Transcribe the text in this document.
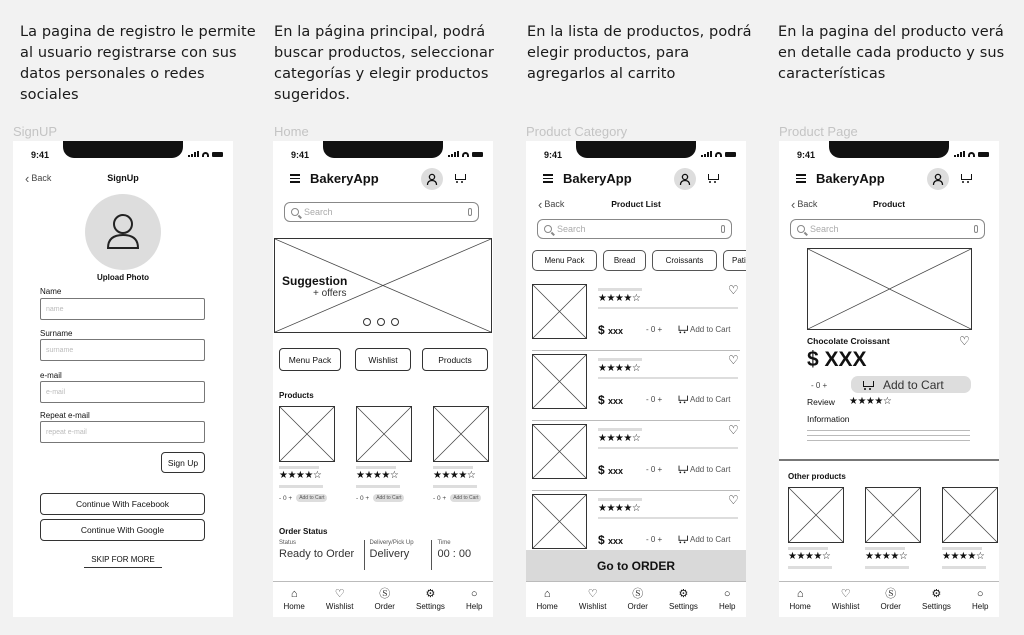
La pagina de registro le permite al usuario registrarse con sus datos personales o redes sociales
En la página principal, podrá buscar productos, seleccionar categorías y elegir productos sugeridos.
En la lista de productos, podrá elegir productos, para agregarlos al carrito
En la pagina del producto verá en detalle cada producto y sus características
SignUP	Home	Product Category	Product Page
9:41
‹ Back	SignUp
Upload Photo
Name
name
Surname
surname
e-mail
e-mail
Repeat e-mail
repeat e-mail
Sign Up
Continue With Facebook
Continue With Google
SKIP FOR MORE
9:41
BakeryApp
Search
Suggestion
+ offers
Menu Pack	Wishlist	Products
Products
★★★★☆
- 0 +	Add to Cart
★★★★☆
- 0 +	Add to Cart
★★★★☆
- 0 +	Add to Cart
Order Status
Status
Ready to Order
Delivery/Pick Up
Delivery
Time
00 : 00
⌂
Home
♡
Wishlist
Ⓢ
Order
⚙
Settings
○
Help
9:41
BakeryApp
‹ Back	Product List
Search
Menu Pack	Bread	Croissants	Pati
★★★★☆
♡
$ xxx	- 0 +	Add to Cart
★★★★☆
♡
$ xxx	- 0 +	Add to Cart
★★★★☆
♡
$ xxx	- 0 +	Add to Cart
★★★★☆
♡
$ xxx	- 0 +	Add to Cart
Go to ORDER
⌂
Home
♡
Wishlist
Ⓢ
Order
⚙
Settings
○
Help
9:41
BakeryApp
‹ Back	Product
Search
Chocolate Croissant	♡
$ XXX
- 0 +	Add to Cart
Review ★★★★☆
Information
Other products
★★★★☆	★★★★☆	★★★★☆
⌂
Home
♡
Wishlist
Ⓢ
Order
⚙
Settings
○
Help
